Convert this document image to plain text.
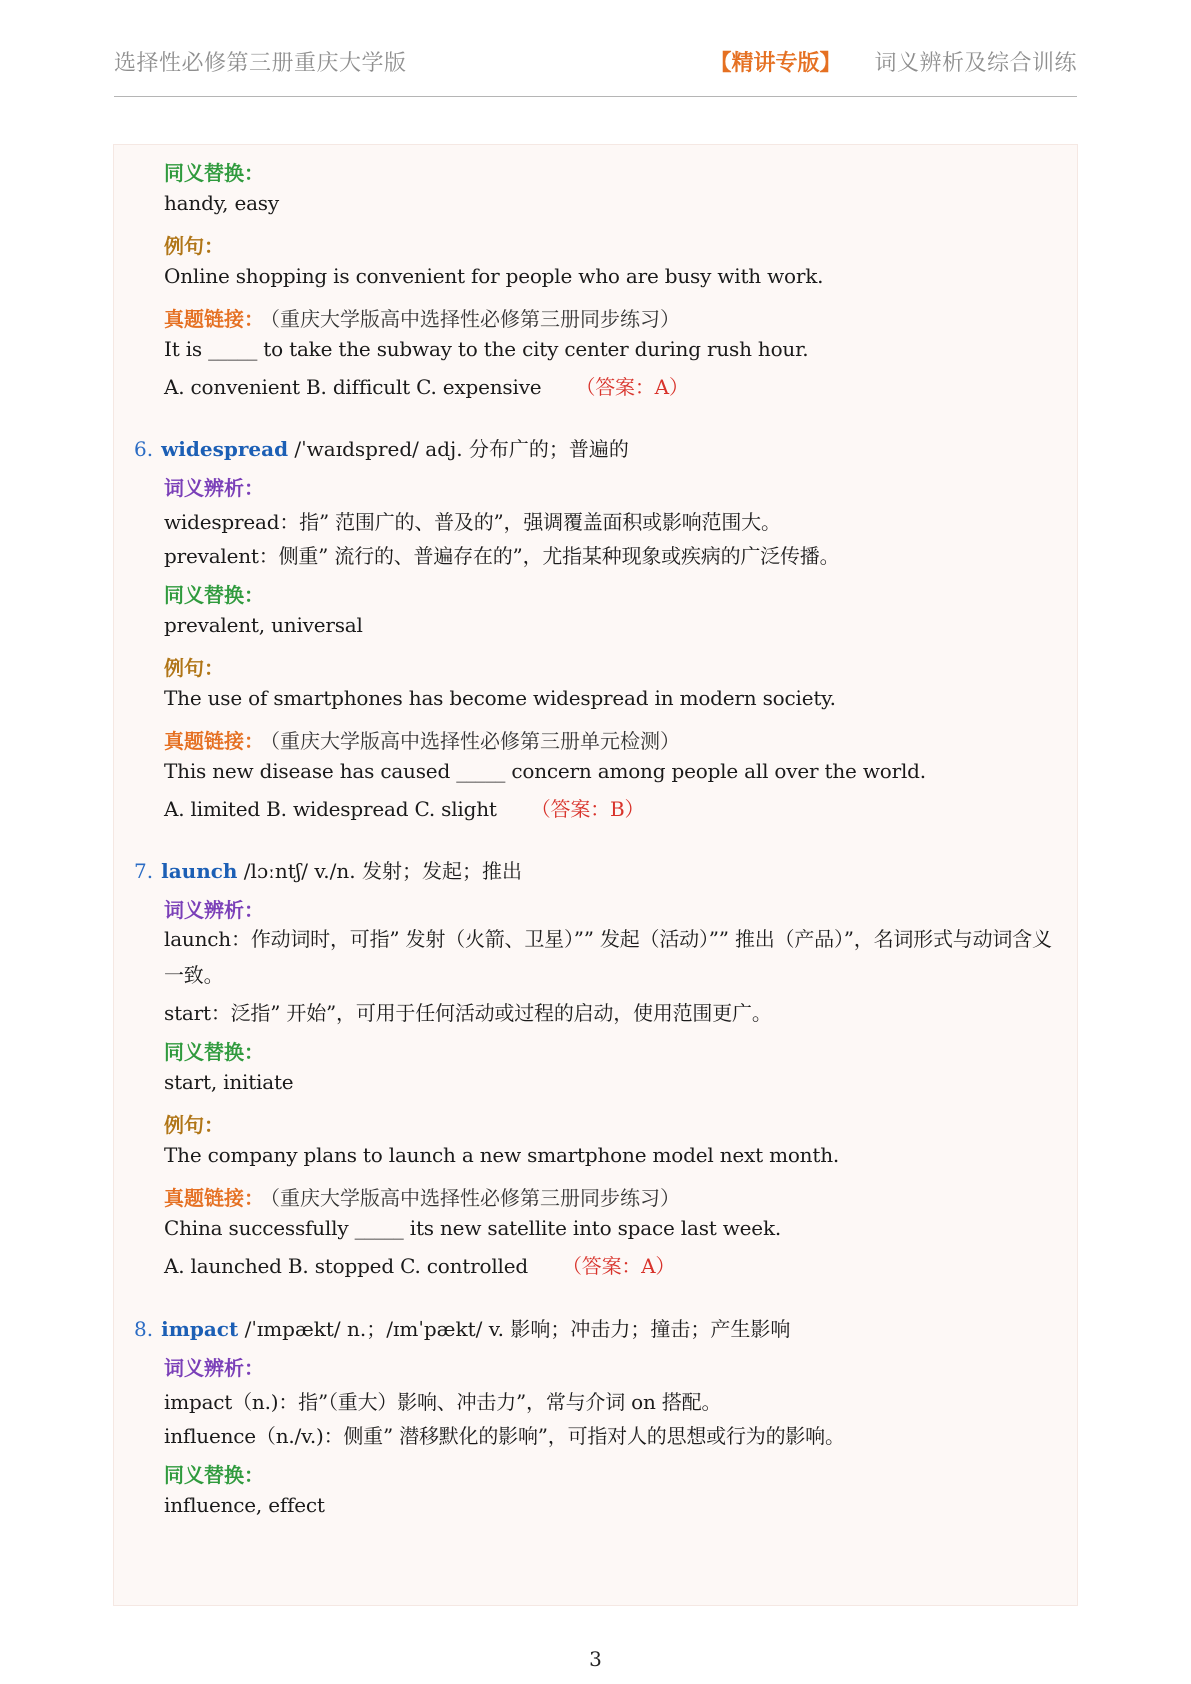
选择性必修第三册重庆大学版	【精讲专版】 词义辨析及综合训练
同义替换：
handy, easy
例句：
Online shopping is convenient for people who are busy with work.
真题链接： （重庆大学版高中选择性必修第三册同步练习）
It is _____ to take the subway to the city center during rush hour.
A. convenient B. difficult C. expensive （答案：A）
6. widespread /ˈwaɪdspred/ adj. 分布广的；普遍的
词义辨析：
widespread：指” 范围广的、普及的”，强调覆盖面积或影响范围大。
prevalent：侧重” 流行的、普遍存在的”，尤指某种现象或疾病的广泛传播。
同义替换：
prevalent, universal
例句：
The use of smartphones has become widespread in modern society.
真题链接： （重庆大学版高中选择性必修第三册单元检测）
This new disease has caused _____ concern among people all over the world.
A. limited B. widespread C. slight （答案：B）
7. launch /lɔːntʃ/ v./n. 发射；发起；推出
词义辨析：
launch：作动词时，可指” 发射（火箭、卫星）”” 发起（活动）”” 推出（产品）”，名词形式与动词含义一致。
start：泛指” 开始”，可用于任何活动或过程的启动，使用范围更广。
同义替换：
start, initiate
例句：
The company plans to launch a new smartphone model next month.
真题链接： （重庆大学版高中选择性必修第三册同步练习）
China successfully _____ its new satellite into space last week.
A. launched B. stopped C. controlled （答案：A）
8. impact /ˈɪmpækt/ n.；/ɪmˈpækt/ v. 影响；冲击力；撞击；产生影响
词义辨析：
impact（n.)：指”（重大）影响、冲击力”，常与介词 on 搭配。
influence（n./v.)：侧重” 潜移默化的影响”，可指对人的思想或行为的影响。
同义替换：
influence, effect
3
